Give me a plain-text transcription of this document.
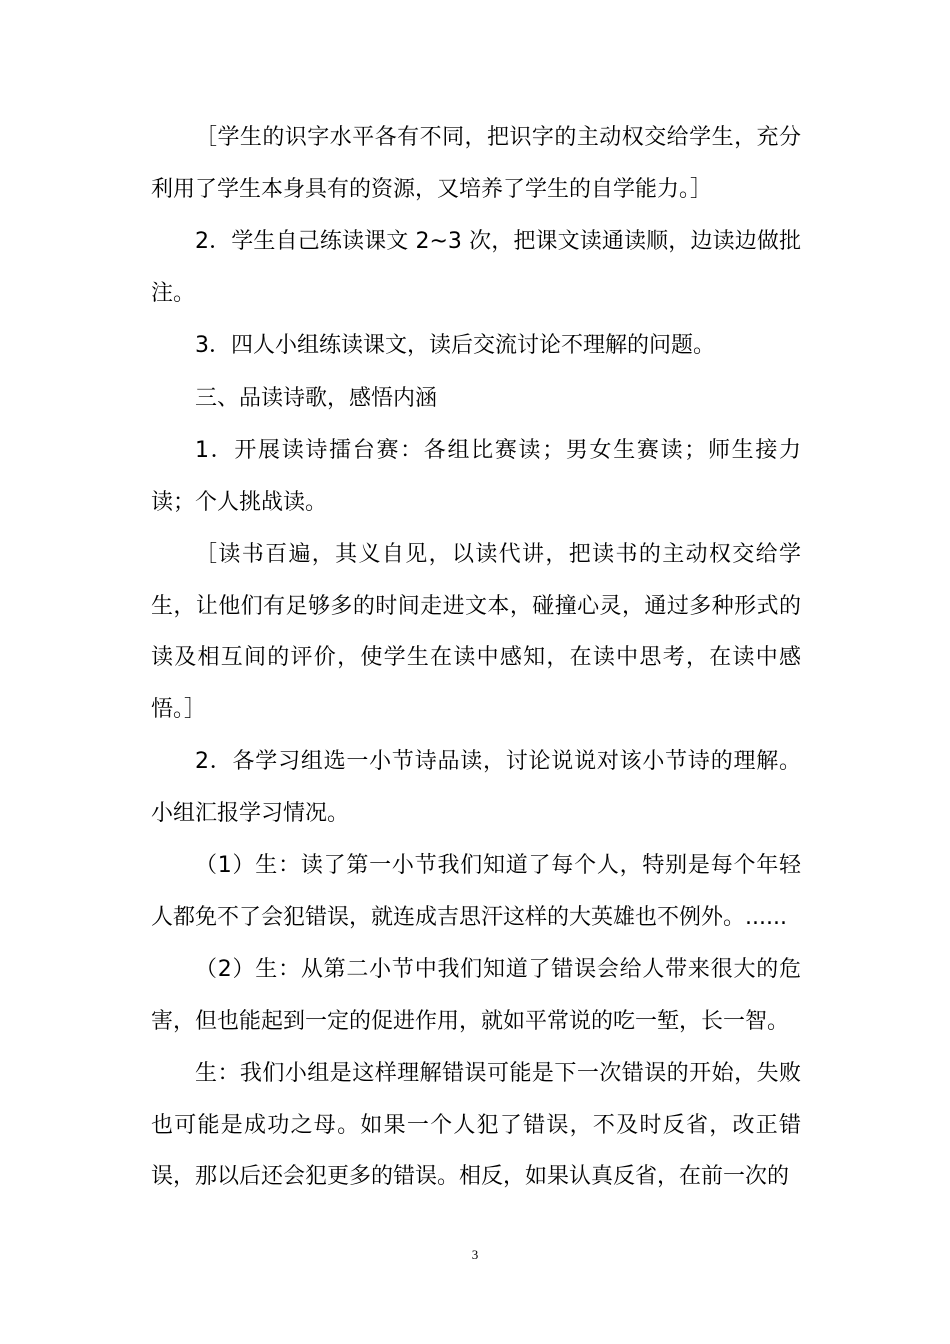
［学生的识字水平各有不同，把识字的主动权交给学生，充分利用了学生本身具有的资源，又培养了学生的自学能力。］

2．学生自己练读课文 2~3 次，把课文读通读顺，边读边做批注。

3．四人小组练读课文，读后交流讨论不理解的问题。

三、品读诗歌，感悟内涵

1．开展读诗擂台赛：各组比赛读；男女生赛读；师生接力读；个人挑战读。

［读书百遍，其义自见，以读代讲，把读书的主动权交给学生，让他们有足够多的时间走进文本，碰撞心灵，通过多种形式的读及相互间的评价，使学生在读中感知，在读中思考，在读中感悟。］

2．各学习组选一小节诗品读，讨论说说对该小节诗的理解。小组汇报学习情况。

（1）生：读了第一小节我们知道了每个人，特别是每个年轻人都免不了会犯错误，就连成吉思汗这样的大英雄也不例外。......

（2）生：从第二小节中我们知道了错误会给人带来很大的危害，但也能起到一定的促进作用，就如平常说的吃一堑，长一智。

生：我们小组是这样理解错误可能是下一次错误的开始，失败也可能是成功之母。如果一个人犯了错误，不及时反省，改正错误，那以后还会犯更多的错误。相反，如果认真反省，在前一次的

3
